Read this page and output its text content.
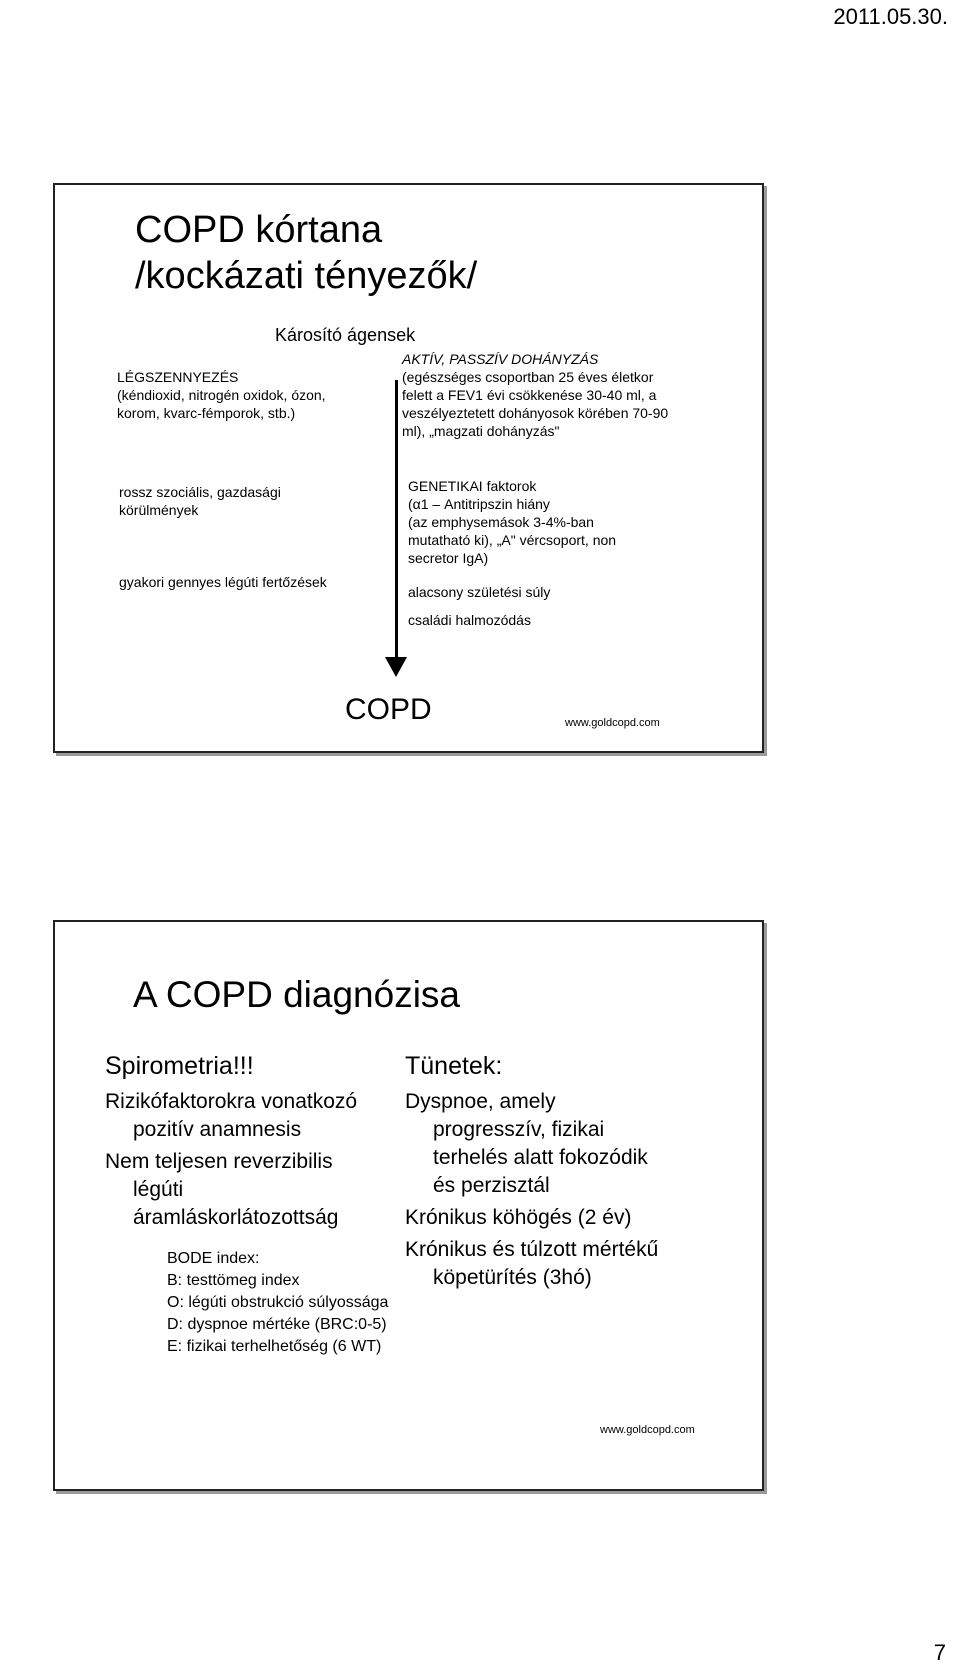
2011.05.30.
COPD kórtana
/kockázati tényezők/
Károsító ágensek
LÉGSZENNYEZÉS
(kéndioxid, nitrogén oxidok, ózon,
korom, kvarc-fémporok, stb.)
AKTÍV, PASSZÍV DOHÁNYZÁS
(egészséges csoportban 25 éves életkor
felett a FEV1 évi csökkenése 30-40 ml, a
veszélyeztetett dohányosok körében 70-90
ml), „magzati dohányzás"
rossz szociális, gazdasági
körülmények
gyakori gennyes légúti fertőzések
GENETIKAI faktorok
(α1 – Antitripszin hiány
(az emphysemások 3-4%-ban
mutatható ki), „A" vércsoport, non
secretor IgA)
alacsony születési súly
családi halmozódás
COPD	www.goldcopd.com
A COPD diagnózisa
Spirometria!!!	Tünetek:
Rizikófaktorokra vonatkozó
pozitív anamnesis
Nem teljesen reverzibilis
légúti
áramláskorlátozottság
Dyspnoe, amely
progresszív, fizikai
terhelés alatt fokozódik
és perzisztál
Krónikus köhögés (2 év)
Krónikus és túlzott mértékű
köpetürítés (3hó)
BODE index:
B: testtömeg index
O: légúti obstrukció súlyossága
D: dyspnoe mértéke (BRC:0-5)
E: fizikai terhelhetőség (6 WT)
www.goldcopd.com
7
